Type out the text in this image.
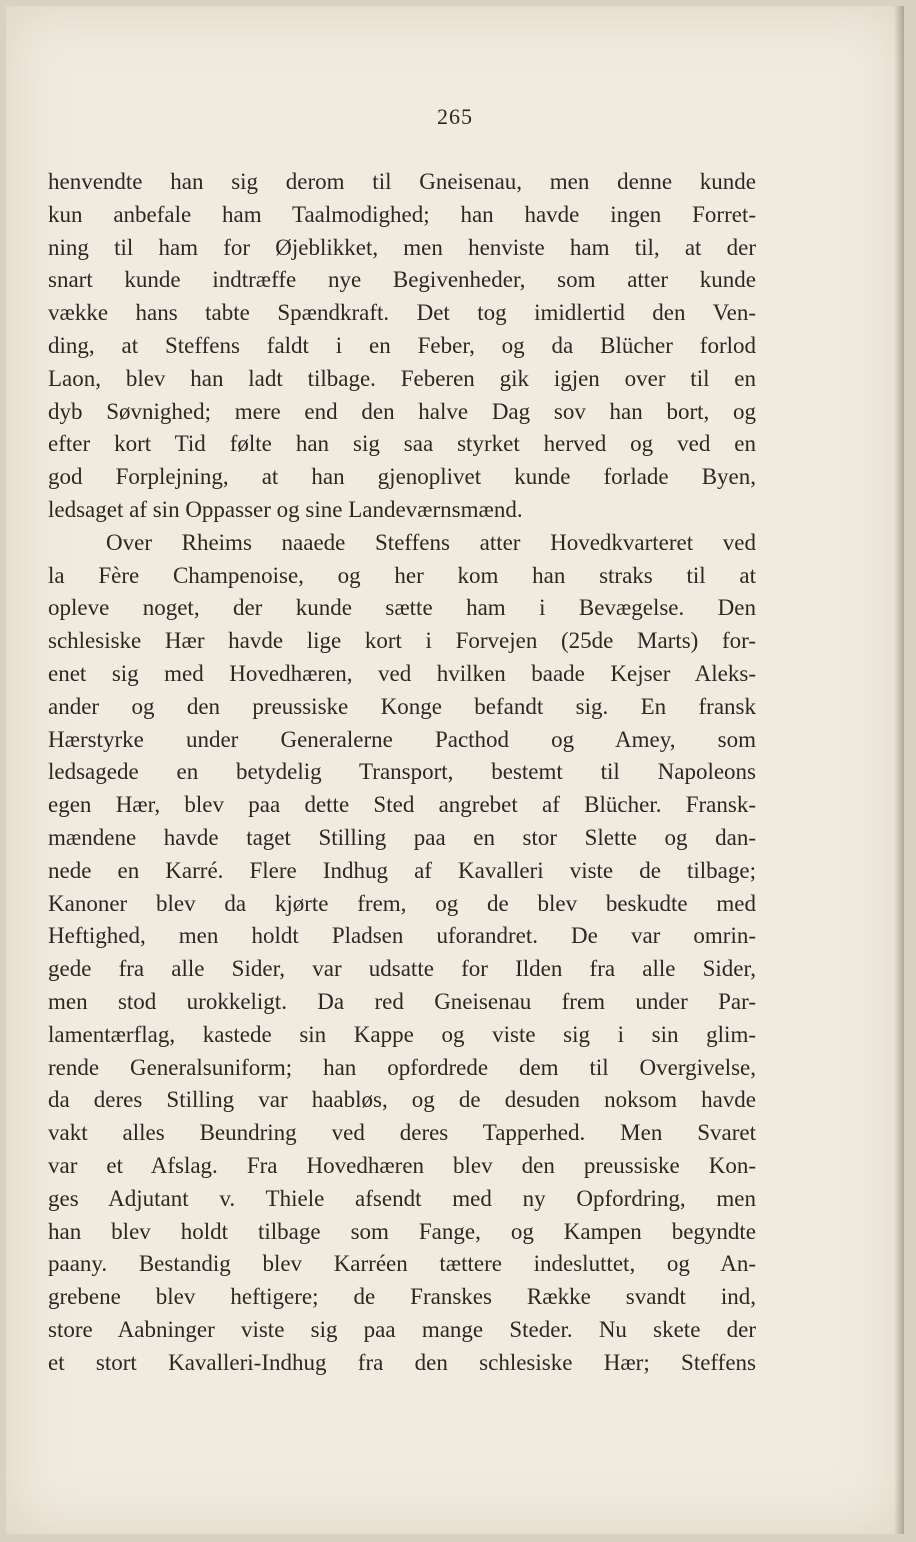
265
henvendte han sig derom til Gneisenau, men denne kunde
kun anbefale ham Taalmodighed; han havde ingen Forret-
ning til ham for Øjeblikket, men henviste ham til, at der
snart kunde indtræffe nye Begivenheder, som atter kunde
vække hans tabte Spændkraft. Det tog imidlertid den Ven-
ding, at Steffens faldt i en Feber, og da Blücher forlod
Laon, blev han ladt tilbage. Feberen gik igjen over til en
dyb Søvnighed; mere end den halve Dag sov han bort, og
efter kort Tid følte han sig saa styrket herved og ved en
god Forplejning, at han gjenoplivet kunde forlade Byen,
ledsaget af sin Oppasser og sine Landeværnsmænd.
Over Rheims naaede Steffens atter Hovedkvarteret ved
la Fère Champenoise, og her kom han straks til at
opleve noget, der kunde sætte ham i Bevægelse. Den
schlesiske Hær havde lige kort i Forvejen (25de Marts) for-
enet sig med Hovedhæren, ved hvilken baade Kejser Aleks-
ander og den preussiske Konge befandt sig. En fransk
Hærstyrke under Generalerne Pacthod og Amey, som
ledsagede en betydelig Transport, bestemt til Napoleons
egen Hær, blev paa dette Sted angrebet af Blücher. Fransk-
mændene havde taget Stilling paa en stor Slette og dan-
nede en Karré. Flere Indhug af Kavalleri viste de tilbage;
Kanoner blev da kjørte frem, og de blev beskudte med
Heftighed, men holdt Pladsen uforandret. De var omrin-
gede fra alle Sider, var udsatte for Ilden fra alle Sider,
men stod urokkeligt. Da red Gneisenau frem under Par-
lamentærflag, kastede sin Kappe og viste sig i sin glim-
rende Generalsuniform; han opfordrede dem til Overgivelse,
da deres Stilling var haabløs, og de desuden noksom havde
vakt alles Beundring ved deres Tapperhed. Men Svaret
var et Afslag. Fra Hovedhæren blev den preussiske Kon-
ges Adjutant v. Thiele afsendt med ny Opfordring, men
han blev holdt tilbage som Fange, og Kampen begyndte
paany. Bestandig blev Karréen tættere indesluttet, og An-
grebene blev heftigere; de Franskes Række svandt ind,
store Aabninger viste sig paa mange Steder. Nu skete der
et stort Kavalleri-Indhug fra den schlesiske Hær; Steffens
